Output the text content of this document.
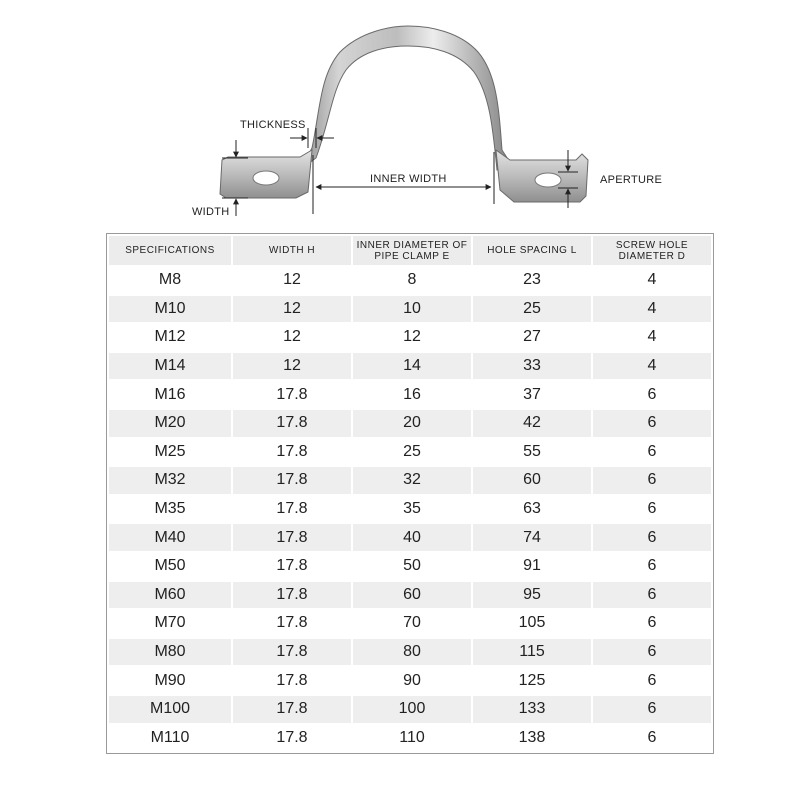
THICKNESS
INNER WIDTH	APERTURE
WIDTH
SPECIFICATIONS	WIDTH H	INNER DIAMETER OF PIPE CLAMP E	HOLE SPACING L	SCREW HOLE DIAMETER D
M8	12	8	23	4
M10	12	10	25	4
M12	12	12	27	4
M14	12	14	33	4
M16	17.8	16	37	6
M20	17.8	20	42	6
M25	17.8	25	55	6
M32	17.8	32	60	6
M35	17.8	35	63	6
M40	17.8	40	74	6
M50	17.8	50	91	6
M60	17.8	60	95	6
M70	17.8	70	105	6
M80	17.8	80	115	6
M90	17.8	90	125	6
M100	17.8	100	133	6
M110	17.8	110	138	6
